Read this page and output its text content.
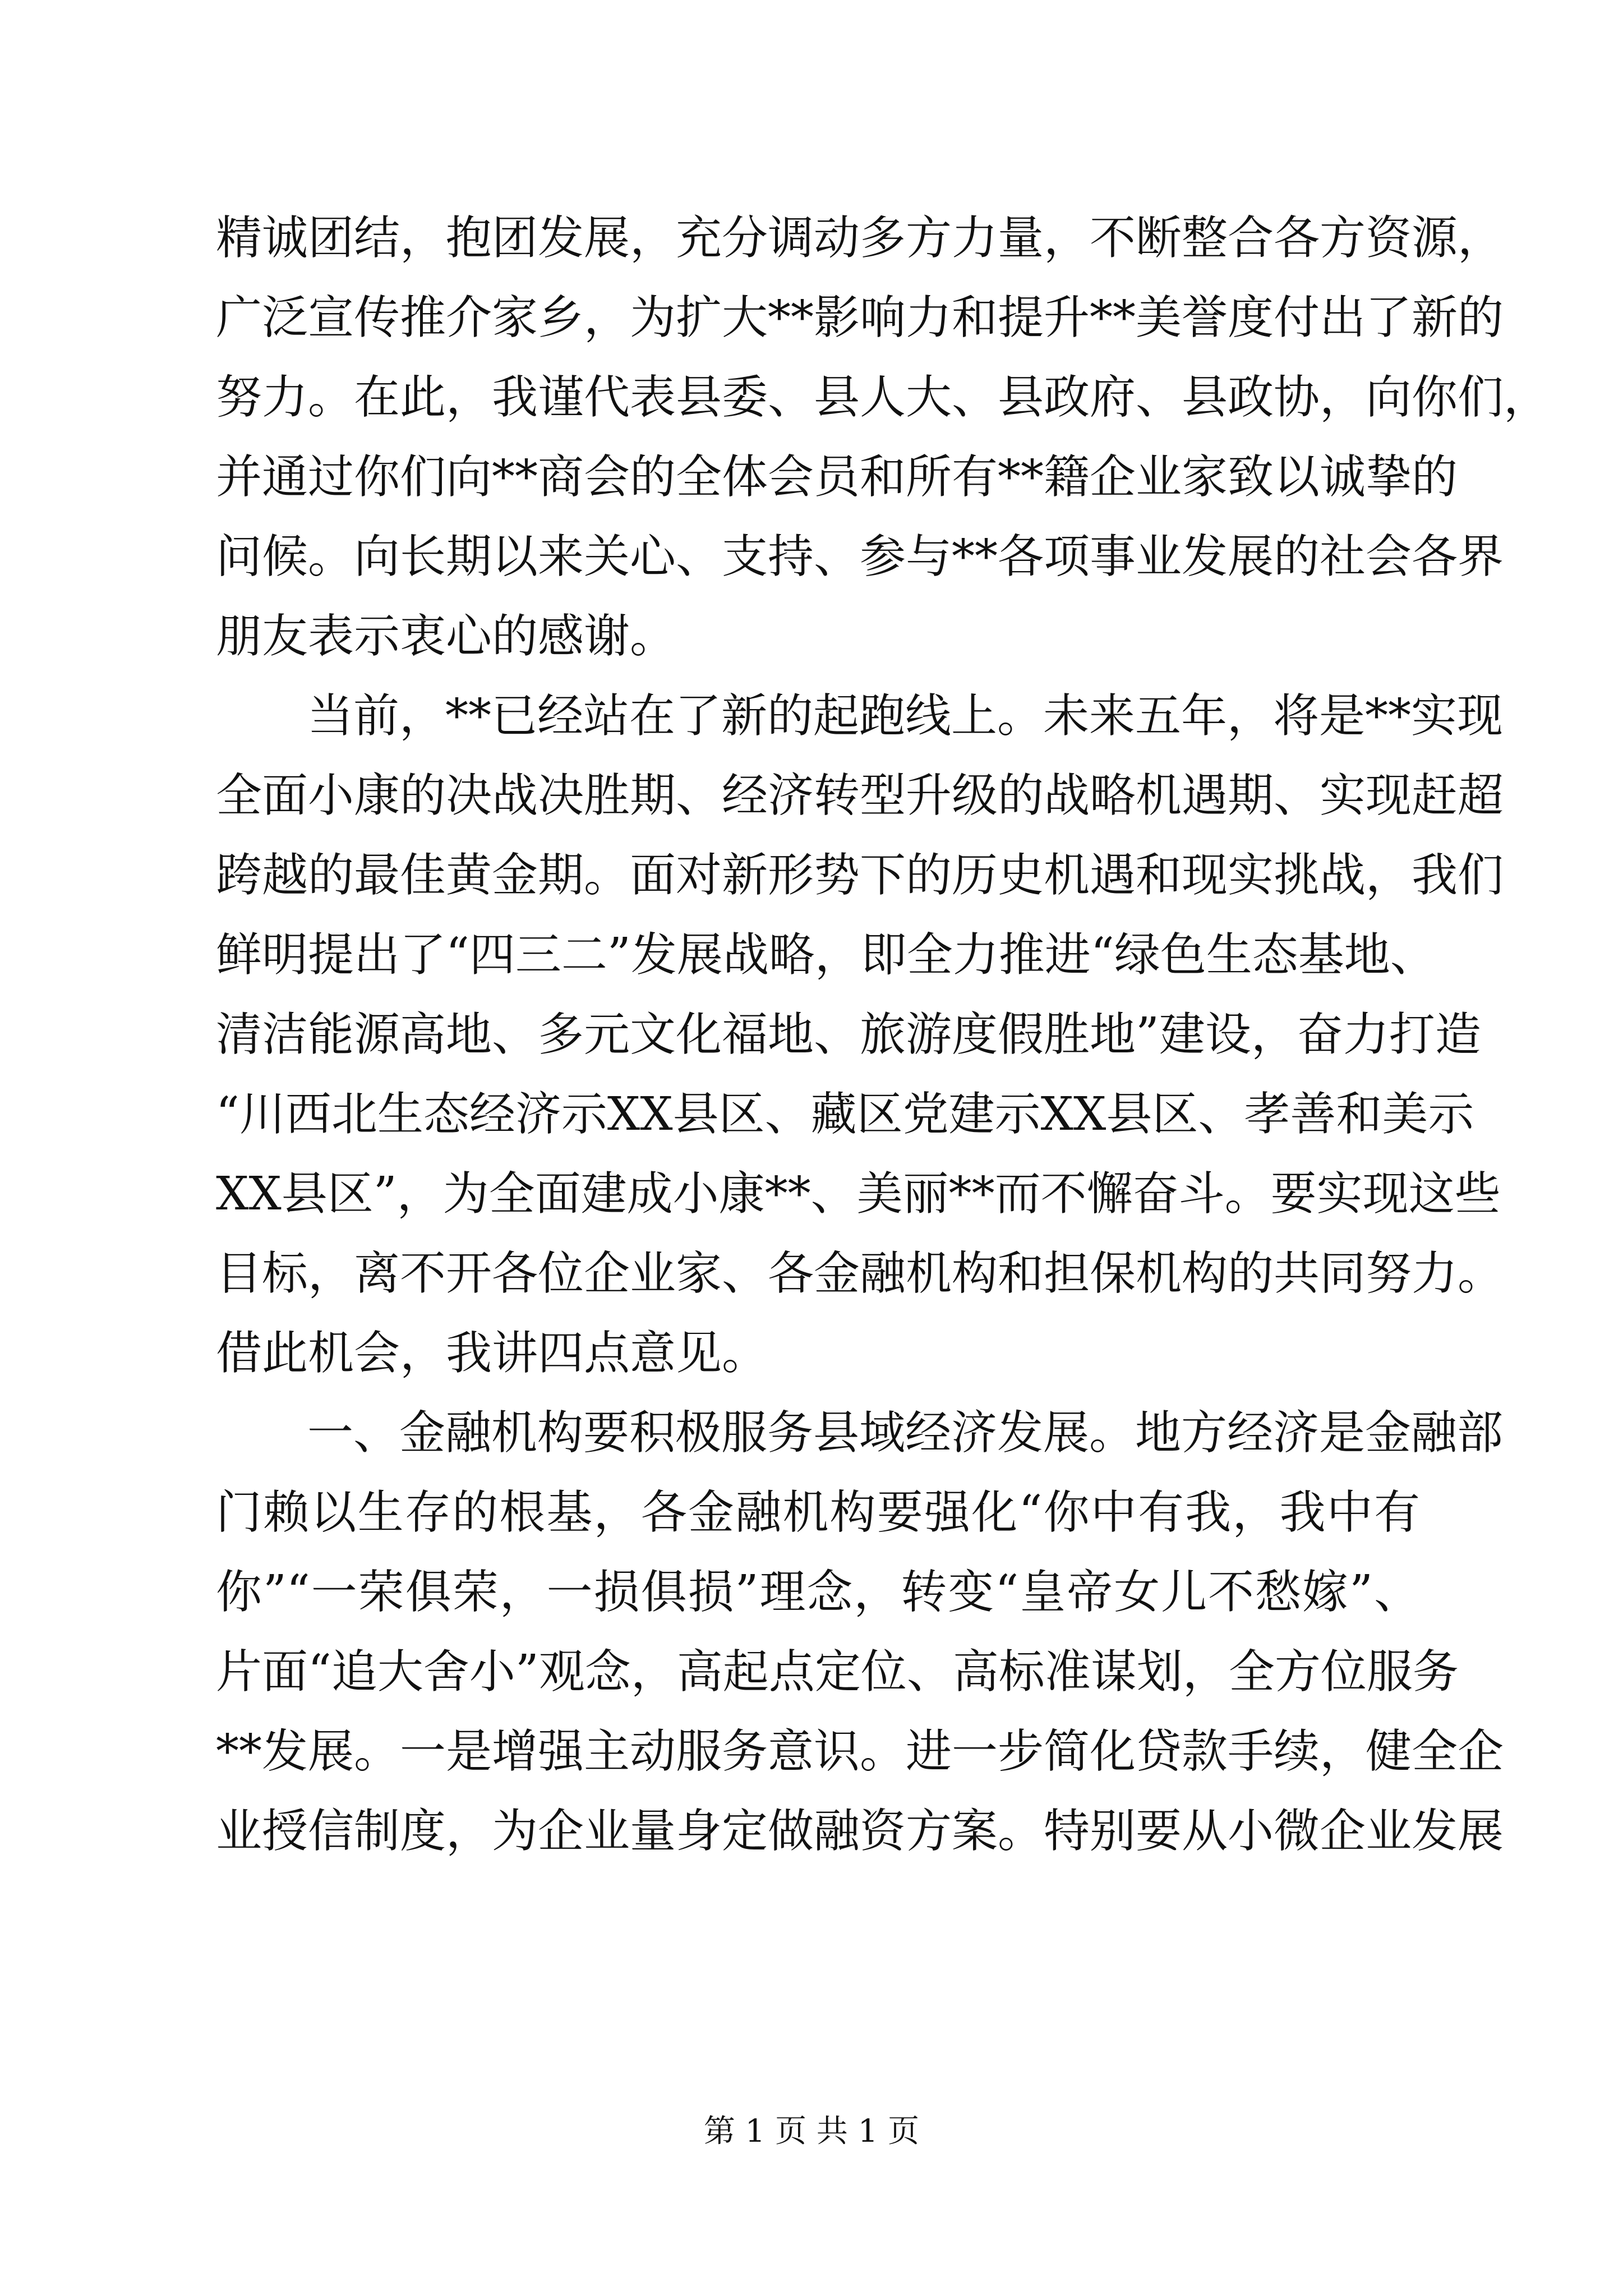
精诚团结，抱团发展，充分调动多方力量，不断整合各方资源，
广泛宣传推介家乡，为扩大**影响力和提升**美誉度付出了新的
努力。在此，我谨代表县委、县人大、县政府、县政协，向你们，
并通过你们向**商会的全体会员和所有**籍企业家致以诚挚的
问候。向长期以来关心、支持、参与**各项事业发展的社会各界
朋友表示衷心的感谢。
当前，**已经站在了新的起跑线上。未来五年，将是**实现
全面小康的决战决胜期、经济转型升级的战略机遇期、实现赶超
跨越的最佳黄金期。面对新形势下的历史机遇和现实挑战，我们
鲜明提出了“四三二”发展战略，即全力推进“绿色生态基地、
清洁能源高地、多元文化福地、旅游度假胜地”建设，奋力打造
“川西北生态经济示XX县区、藏区党建示XX县区、孝善和美示
XX县区”，为全面建成小康**、美丽**而不懈奋斗。要实现这些
目标，离不开各位企业家、各金融机构和担保机构的共同努力。
借此机会，我讲四点意见。
一、金融机构要积极服务县域经济发展。地方经济是金融部
门赖以生存的根基，各金融机构要强化“你中有我，我中有
你”“一荣俱荣，一损俱损”理念，转变“皇帝女儿不愁嫁”、
片面“追大舍小”观念，高起点定位、高标准谋划，全方位服务
**发展。一是增强主动服务意识。进一步简化贷款手续，健全企
业授信制度，为企业量身定做融资方案。特别要从小微企业发展
第 1 页 共 1 页
